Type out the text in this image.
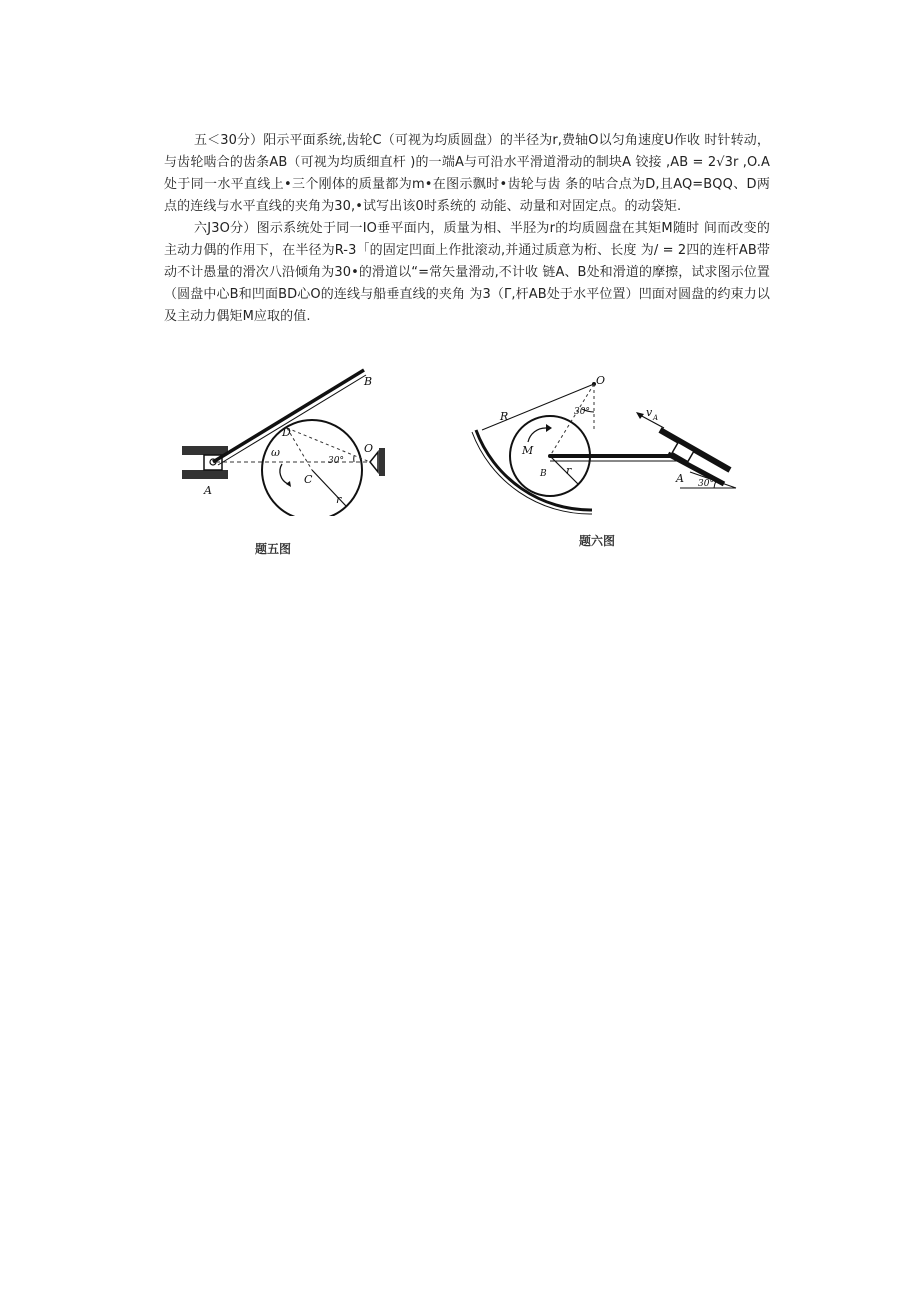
五＜30分）阳示平面系统,齿轮C（可视为均质圆盘）的半径为r,费轴O以匀角速度U作收 时针转动，与齿轮啮合的齿条AB（可视为均质细直杆 )的一端A与可沿水平滑道滑动的制块A 铰接 ,AB = 2√3r ,O.A处于同一水平直线上•三个刚体的质量都为m•在图示飘时•齿轮与齿 条的咕合点为D,且AQ=BQQ、D两点的连线与水平直线的夹角为30,•试写出该0时系统的 动能、动量和对固定点。的动袋矩.

六J3O分）图示系统处于同一IO垂平面内，质量为相、半胫为r的均质圆盘在其矩M随时 间而改变的主动力偶的作用下，在半径为R-3「的固定凹面上作批滚动,并通过质意为桁、长度 为/ = 2四的连杆AB带动不计愚量的滑次八沿倾角为30•的滑道以“=常矢量滑动,不计收 链A、B处和滑道的摩擦，试求图示位置（圆盘中心B和凹面BD心O的连线与船垂直线的夹角 为3（Γ,杆AB处于水平位置）凹面对圆盘的约束力以及主动力偶矩M应取的值.

B
D
A
C
O
r
ω
30°
题五图
O
R
M
B r
A
v A
30°
30°
题六图
